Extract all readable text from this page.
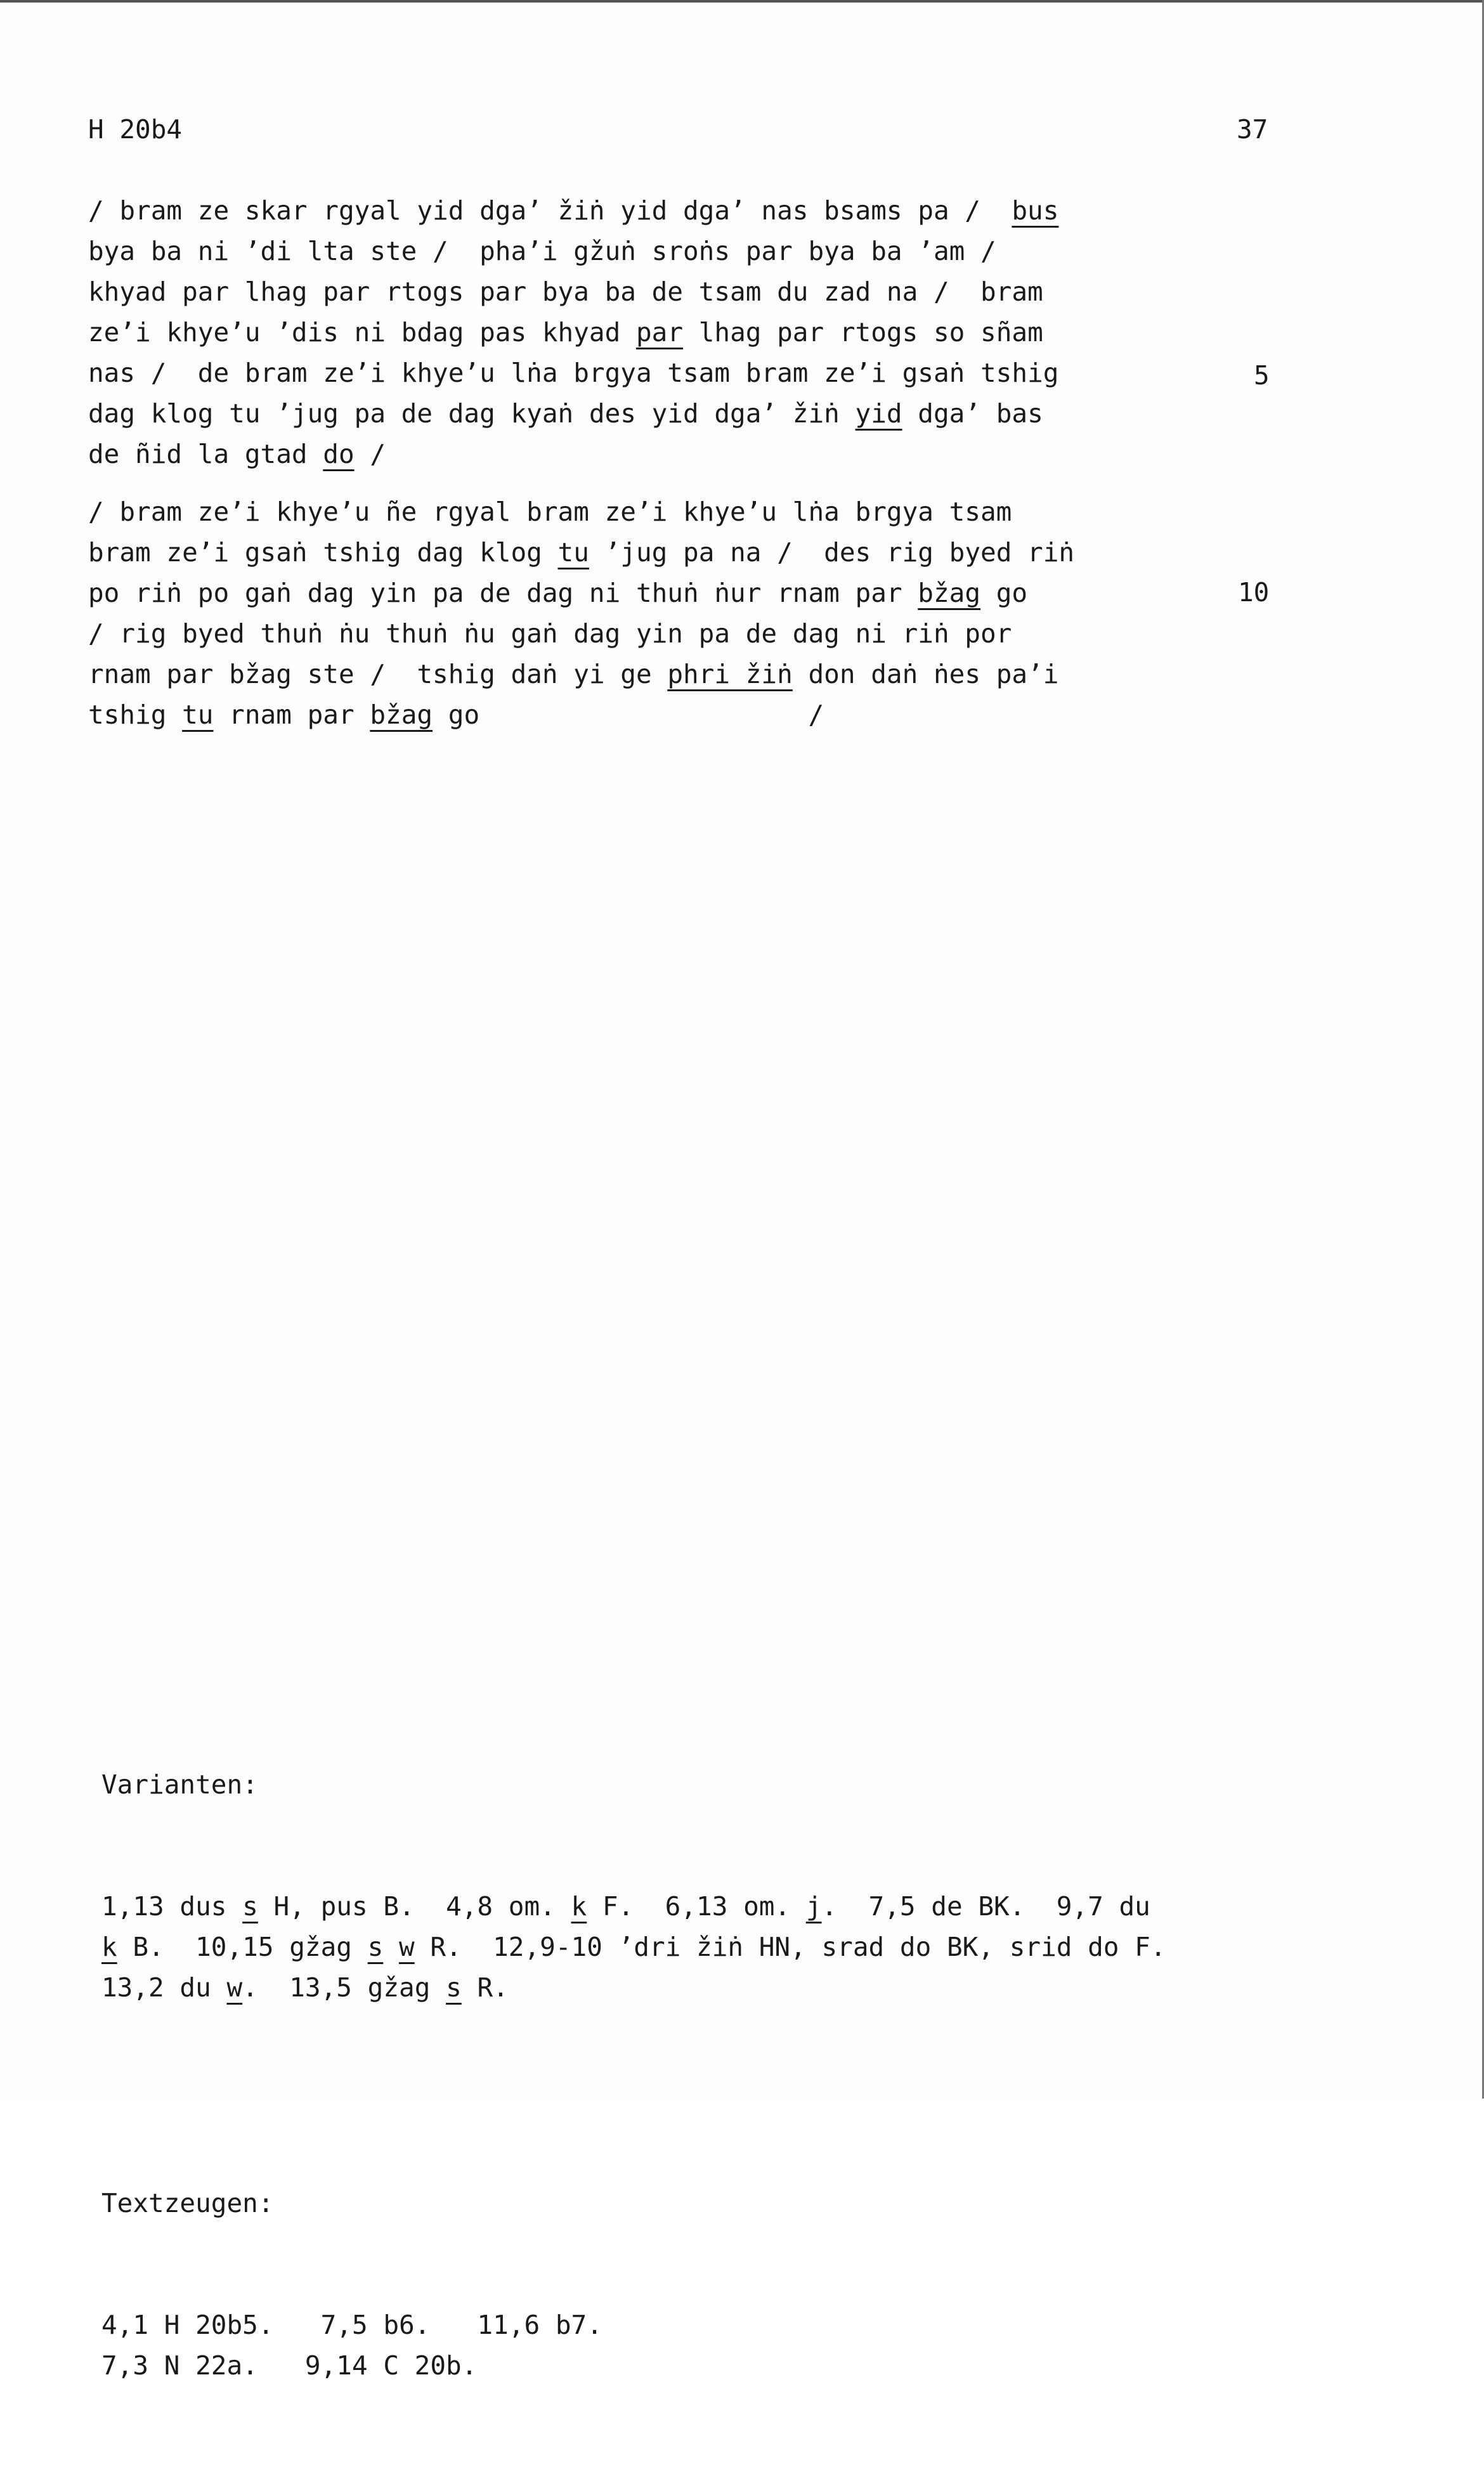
H 20b4	37
/ bram ze skar rgyal yid dga’ žiṅ yid dga’ nas bsams pa /  bus
bya ba ni ’di lta ste /  pha’i gžuṅ sroṅs par bya ba ’am /
khyad par lhag par rtogs par bya ba de tsam du zad na /  bram
ze’i khye’u ’dis ni bdag pas khyad par lhag par rtogs so sñam
nas /  de bram ze’i khye’u lṅa brgya tsam bram ze’i gsaṅ tshig
dag klog tu ’jug pa de dag kyaṅ des yid dga’ žiṅ yid dga’ bas
de ñid la gtad do /
/ bram ze’i khye’u ñe rgyal bram ze’i khye’u lṅa brgya tsam
bram ze’i gsaṅ tshig dag klog tu ’jug pa na /  des rig byed riṅ
po riṅ po gaṅ dag yin pa de dag ni thuṅ ṅur rnam par bžag go
/ rig byed thuṅ ṅu thuṅ ṅu gaṅ dag yin pa de dag ni riṅ por
rnam par bžag ste /  tshig daṅ yi ge phri žiṅ don daṅ ṅes pa’i
tshig tu rnam par bžag go                     /
5
10

Varianten:

1,13 dus s H, pus B.  4,8 om. k F.  6,13 om. j.  7,5 de BK.  9,7 du
k B.  10,15 gžag s w R.  12,9-10 ’dri žiṅ HN, srad do BK, srid do F.
13,2 du w.  13,5 gžag s R.

Textzeugen:

4,1 H 20b5.   7,5 b6.   11,6 b7.
7,3 N 22a.   9,14 C 20b.
